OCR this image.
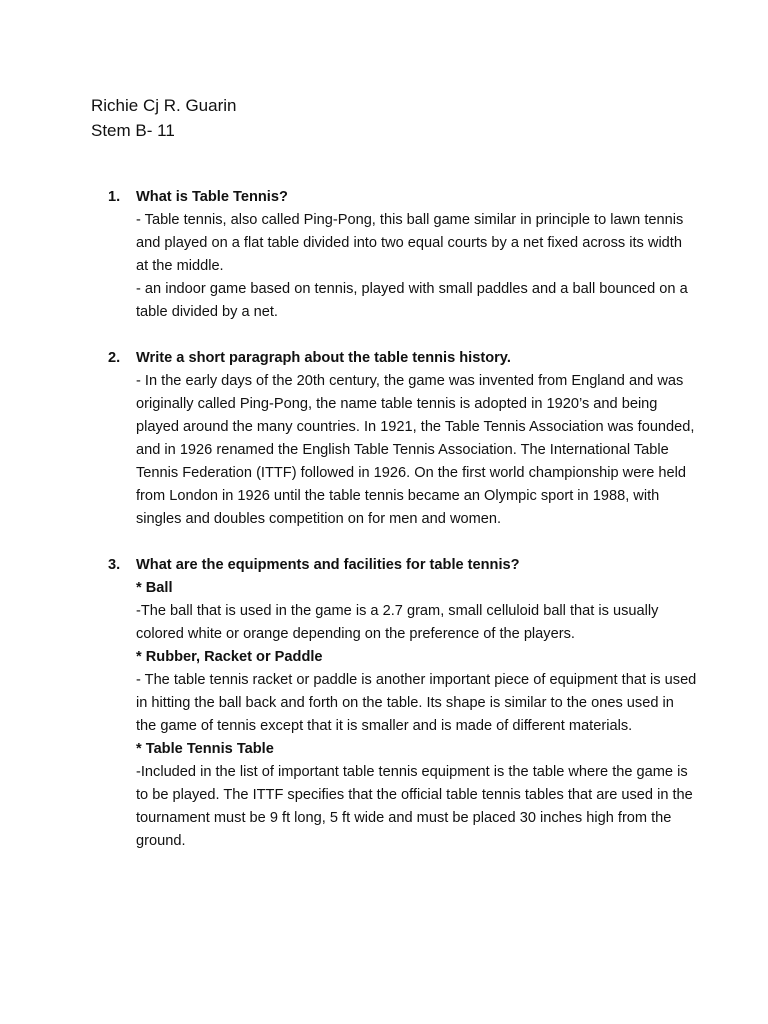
Richie Cj R. Guarin
Stem B- 11
1. What is Table Tennis?

- Table tennis, also called Ping-Pong, this ball game similar in principle to lawn tennis and played on a flat table divided into two equal courts by a net fixed across its width at the middle.

- an indoor game based on tennis, played with small paddles and a ball bounced on a table divided by a net.

2. Write a short paragraph about the table tennis history.

- In the early days of the 20th century, the game was invented from England and was originally called Ping-Pong, the name table tennis is adopted in 1920’s and being played around the many countries. In 1921, the Table Tennis Association was founded, and in 1926 renamed the English Table Tennis Association. The International Table Tennis Federation (ITTF) followed in 1926. On the first world championship were held from London in 1926 until the table tennis became an Olympic sport in 1988, with singles and doubles competition on for men and women.

3. What are the equipments and facilities for table tennis?
* Ball

-The ball that is used in the game is a 2.7 gram, small celluloid ball that is usually colored white or orange depending on the preference of the players.

* Rubber, Racket or Paddle

- The table tennis racket or paddle is another important piece of equipment that is used in hitting the ball back and forth on the table. Its shape is similar to the ones used in the game of tennis except that it is smaller and is made of different materials.

* Table Tennis Table

-Included in the list of important table tennis equipment is the table where the game is to be played. The ITTF specifies that the official table tennis tables that are used in the tournament must be 9 ft long, 5 ft wide and must be placed 30 inches high from the ground.
